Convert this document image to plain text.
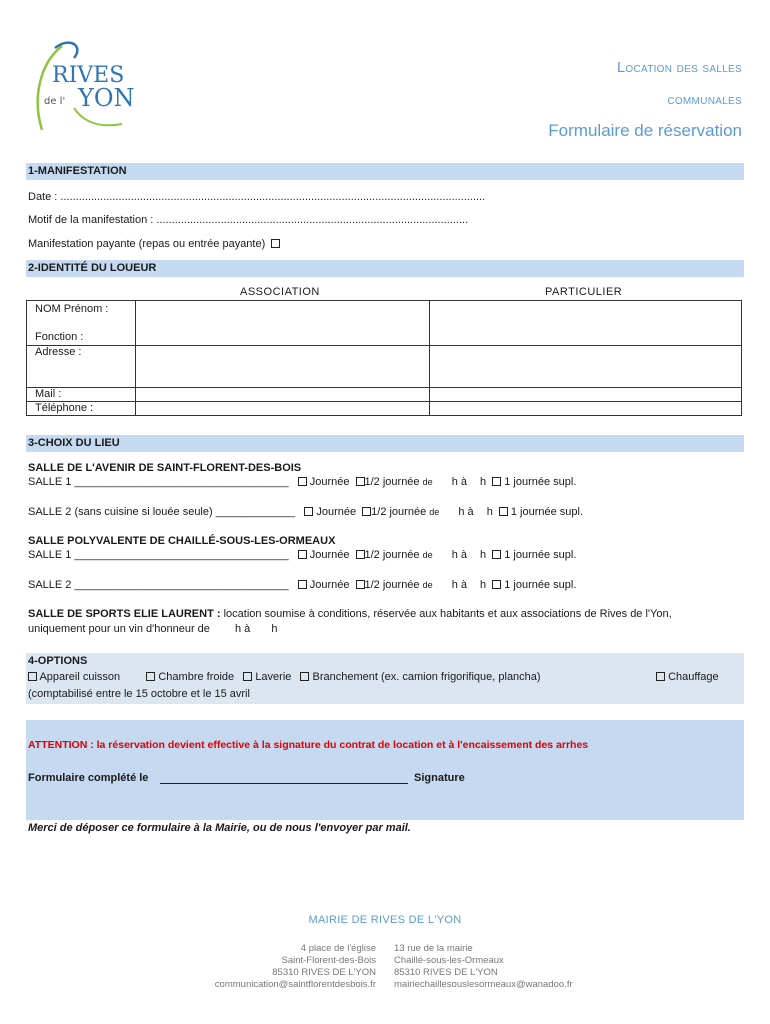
RIVES
de l' YON
Location des salles
communales
Formulaire de réservation
1-MANIFESTATION
Date : ...........................................................................................................................................
Motif de la manifestation : ......................................................................................................
Manifestation payante (repas ou entrée payante)
2-IDENTITÉ DU LOUEUR
ASSOCIATION	PARTICULIER
NOM Prénom :
Fonction :		

Adresse :		

Mail :		

Téléphone :		

3-CHOIX DU LIEU
SALLE DE L'AVENIR DE SAINT-FLORENT-DES-BOIS
SALLE 1 ___________________________________ Journée 1/2 journée de h à h 1 journée supl.
SALLE 2 (sans cuisine si louée seule) _____________ Journée 1/2 journée de h à h 1 journée supl.
SALLE POLYVALENTE DE CHAILLÉ-SOUS-LES-ORMEAUX
SALLE 1 ___________________________________ Journée 1/2 journée de h à h 1 journée supl.
SALLE 2 ___________________________________ Journée 1/2 journée de h à h 1 journée supl.
SALLE DE SPORTS ELIE LAURENT : location soumise à conditions, réservée aux habitants et aux associations de Rives de l'Yon,
uniquement pour un vin d'honneur de h à h
4-OPTIONS
Appareil cuisson	Chambre froide Laverie Branchement (ex. camion frigorifique, plancha)	Chauffage
(comptabilisé entre le 15 octobre et le 15 avril
ATTENTION : la réservation devient effective à la signature du contrat de location et à l'encaissement des arrhes
Formulaire complété le	Signature
Merci de déposer ce formulaire à la Mairie, ou de nous l'envoyer par mail.
MAIRIE DE RIVES DE L'YON
4 place de l'église
Saint-Florent-des-Bois
85310 RIVES DE L'YON
communication@saintflorentdesbois.fr
13 rue de la mairie
Chaillé-sous-les-Ormeaux
85310 RIVES DE L'YON
mairiechaillesouslesormeaux@wanadoo.fr
